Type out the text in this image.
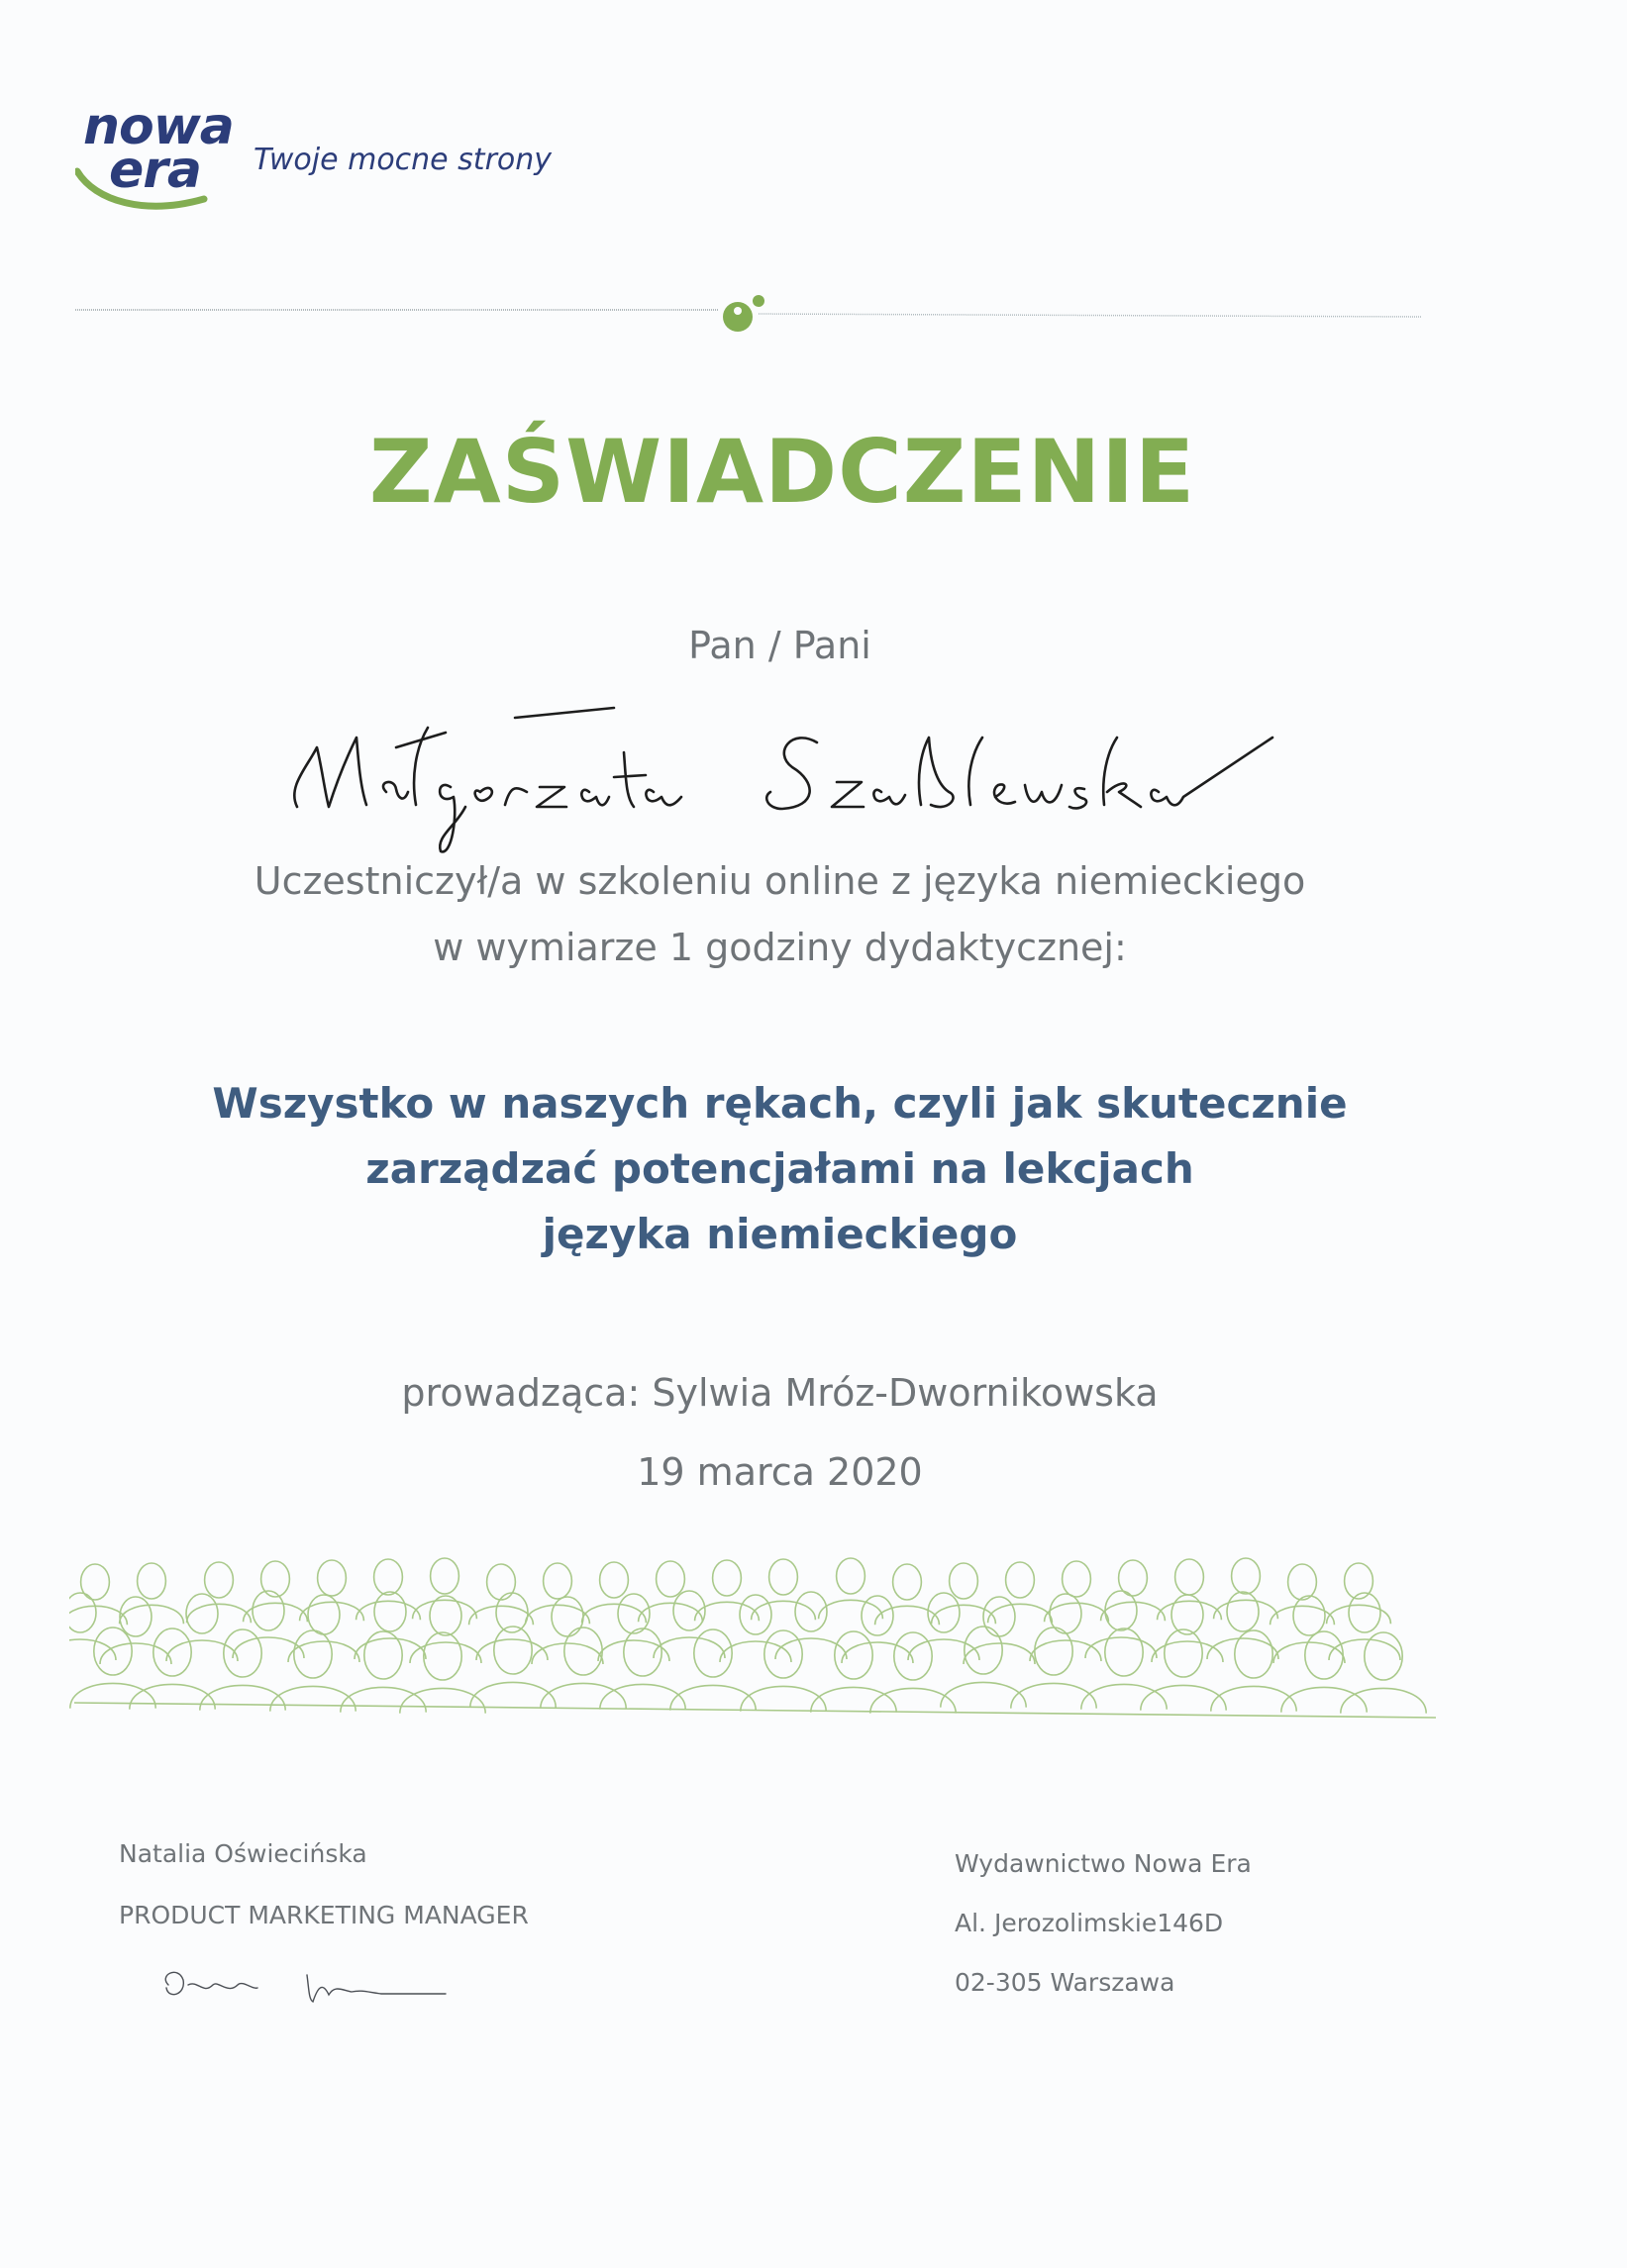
nowa
era Twoje mocne strony
ZAŚWIADCZENIE
Pan / Pani
Uczestniczył/a w szkoleniu online z języka niemieckiego
w wymiarze 1 godziny dydaktycznej:
Wszystko w naszych rękach, czyli jak skutecznie
zarządzać potencjałami na lekcjach
języka niemieckiego
prowadząca: Sylwia Mróz-Dwornikowska
19 marca 2020
Natalia Oświecińska
PRODUCT MARKETING MANAGER
Wydawnictwo Nowa Era
Al. Jerozolimskie146D
02-305 Warszawa
